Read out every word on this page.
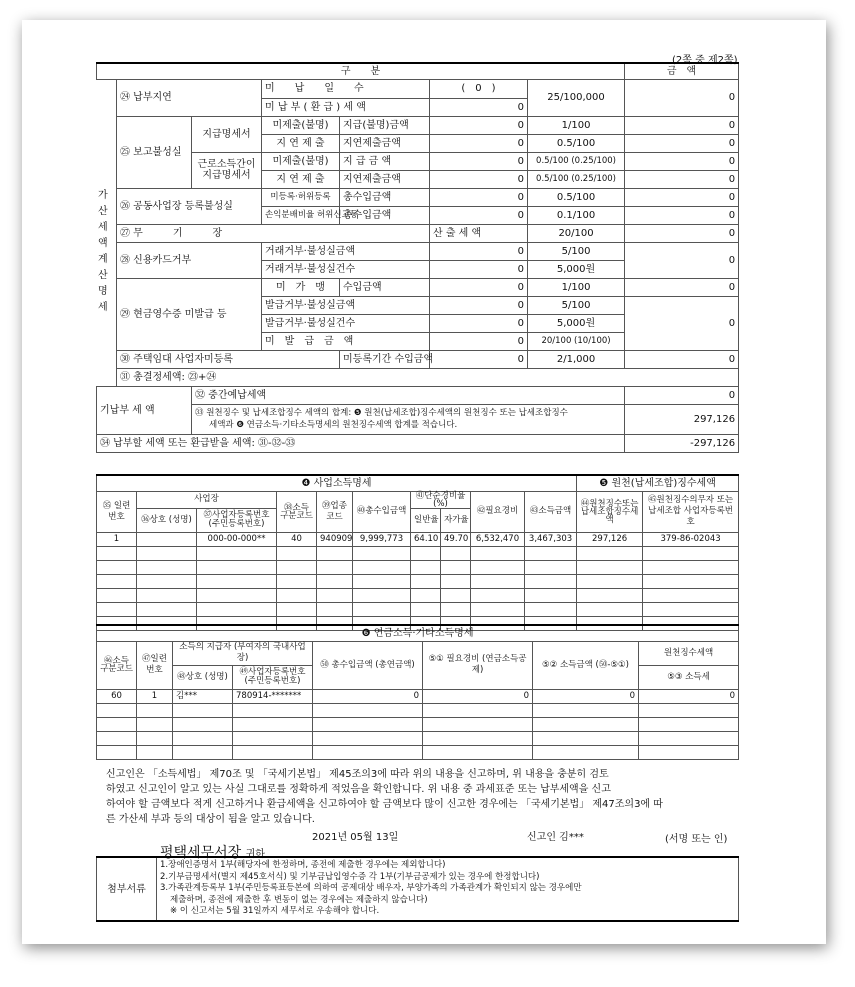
(2쪽 중 제2쪽)
구　　분							금　액	
	㉔ 납부지연		미　　납　　일　　수		(　0　)	25/100,000	0	
			미 납 부 ( 환 급 ) 세 액		0			
	㉕ 보고불성실	지급명세서	미제출(불명)	지급(불명)금액	0	1/100	0	
			지 연 제 출	지연제출금액	0	0.5/100	0	
		근로소득간이지급명세서	미제출(불명)	지 급 금 액	0	0.5/100 (0.25/100)	0	
			지 연 제 출	지연제출금액	0	0.5/100 (0.25/100)	0	
	㉖ 공동사업장 등록불성실		미등록·허위등록	총수입금액	0	0.5/100	0	
			손익분배비율 허위신고등	총수입금액	0	0.1/100	0	
	㉗ 무　　　기　　　장				산 출 세 액	20/100	0	
	㉘ 신용카드거부		거래거부·불성실금액		0	5/100	0	
			거래거부·불성실건수		0	5,000원		
	㉙ 현금영수증 미발급 등		미　가　맹	수입금액	0	1/100	0	
			발급거부·불성실금액		0	5/100	0	
			발급거부·불성실건수		0	5,000원		
			미　발　급　금　액		0	20/100 (10/100)		
	㉚ 주택임대 사업자미등록			미등록기간 수입금액	0	2/1,000	0	
	㉛ 총결정세액: ㉓+㉔	
기납부 세 액		㉜ 중간예납세액					0	

		㉝ 원천징수 및 납세조합징수 세액의 합계: ❺ 원천(납세조합)징수세액의 원천징수 또는 납세조합징수
세액과 ❻ 연금소득·기타소득명세의 원천징수세액 합계를 적습니다.					297,126	
㉞ 납부할 세액 또는 환급받을 세액: ㉛-㉜-㉝							-297,126	
가산세액계산명세
❹ 사업소득명세										❺ 원천(납세조합)징수세액	
㉟ 일련번호	사업장		㊳소득구분코드	㊴업종 코드	㊵총수입금액	㊶단순경비율(%)		㊷필요경비	㊸소득금액	㊹원천징수또는납세조합징수세액	㊺원천징수의무자 또는 납세조합 사업자등록번호
	㊱상호 (성명)	㊲사업자등록번호 (주민등록번호)				일반율	자가율				

1		000-00-000**	40	940909	9,999,773	64.10	49.70	6,532,470	3,467,303	297,126	379-86-02043

❻ 연금소득·기타소득명세							
㊻소득구분코드	㊼일련번호	소득의 지급자 (부여자의 국내사업장)		㊿ 총수입금액 (총연금액)	⑤① 필요경비 (연금소득공제)	⑤② 소득금액 (㊿-⑤①)	원천징수세액
		㊽상호 (성명)	㊾사업자등록번호 (주민등록번호)				⑤③ 소득세
60	1	김***	780914-*******	0	0	0	0

신고인은 「소득세법」 제70조 및 「국세기본법」 제45조의3에 따라 위의 내용을 신고하며, 위 내용을 충분히 검토
하였고 신고인이 알고 있는 사실 그대로를 정확하게 적었음을 확인합니다. 위 내용 중 과세표준 또는 납부세액을 신고
하여야 할 금액보다 적게 신고하거나 환급세액을 신고하여야 할 금액보다 많이 신고한 경우에는 「국세기본법」 제47조의3에 따
른 가산세 부과 등의 대상이 됨을 알고 있습니다.
2021년 05월 13일	신고인 김***	(서명 또는 인)
평택세무서장 귀하
첨부서류	
1.장애인증명서 1부(해당자에 한정하며, 종전에 제출한 경우에는 제외합니다)
2.기부금명세서(별지 제45호서식) 및 기부금납입영수증 각 1부(기부금공제가 있는 경우에 한정합니다)
3.가족관계등록부 1부(주민등록표등본에 의하여 공제대상 배우자, 부양가족의 가족관계가 확인되지 않는 경우에만
제출하며, 종전에 제출한 후 변동이 없는 경우에는 제출하지 않습니다)
※ 이 신고서는 5월 31일까지 세무서로 우송해야 합니다.
